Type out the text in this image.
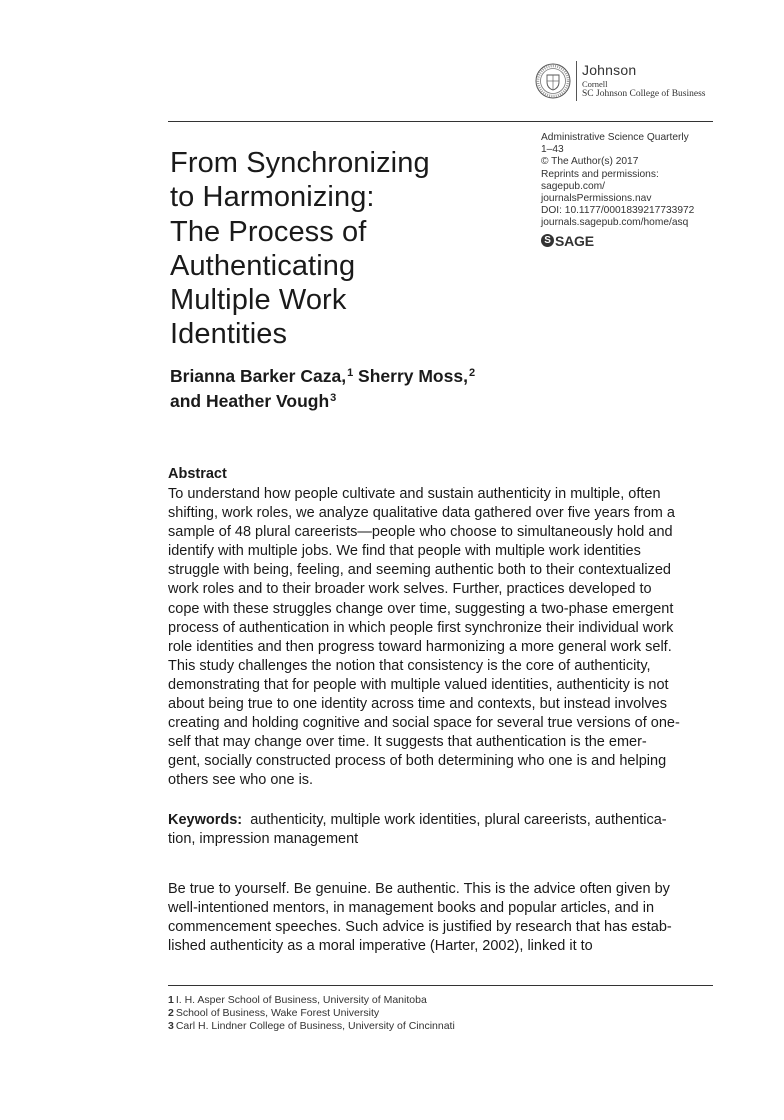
Johnson
Cornell
SC Johnson College of Business
From Synchronizing
to Harmonizing:
The Process of
Authenticating
Multiple Work
Identities
Administrative Science Quarterly
1–43
© The Author(s) 2017
Reprints and permissions:
sagepub.com/
journalsPermissions.nav
DOI: 10.1177/0001839217733972
journals.sagepub.com/home/asq
S SAGE
Brianna Barker Caza,$^1$ Sherry Moss,$^2$
and Heather Vough$^3$
Abstract
To understand how people cultivate and sustain authenticity in multiple, often
shifting, work roles, we analyze qualitative data gathered over five years from a
sample of 48 plural careerists—people who choose to simultaneously hold and
identify with multiple jobs. We find that people with multiple work identities
struggle with being, feeling, and seeming authentic both to their contextualized
work roles and to their broader work selves. Further, practices developed to
cope with these struggles change over time, suggesting a two-phase emergent
process of authentication in which people first synchronize their individual work
role identities and then progress toward harmonizing a more general work self.
This study challenges the notion that consistency is the core of authenticity,
demonstrating that for people with multiple valued identities, authenticity is not
about being true to one identity across time and contexts, but instead involves
creating and holding cognitive and social space for several true versions of one-
self that may change over time. It suggests that authentication is the emer-
gent, socially constructed process of both determining who one is and helping
others see who one is.
Keywords: authenticity, multiple work identities, plural careerists, authentica-
tion, impression management
Be true to yourself. Be genuine. Be authentic. This is the advice often given by
well-intentioned mentors, in management books and popular articles, and in
commencement speeches. Such advice is justified by research that has estab-
lished authenticity as a moral imperative (Harter, 2002), linked it to
1 I. H. Asper School of Business, University of Manitoba
2 School of Business, Wake Forest University
3 Carl H. Lindner College of Business, University of Cincinnati
